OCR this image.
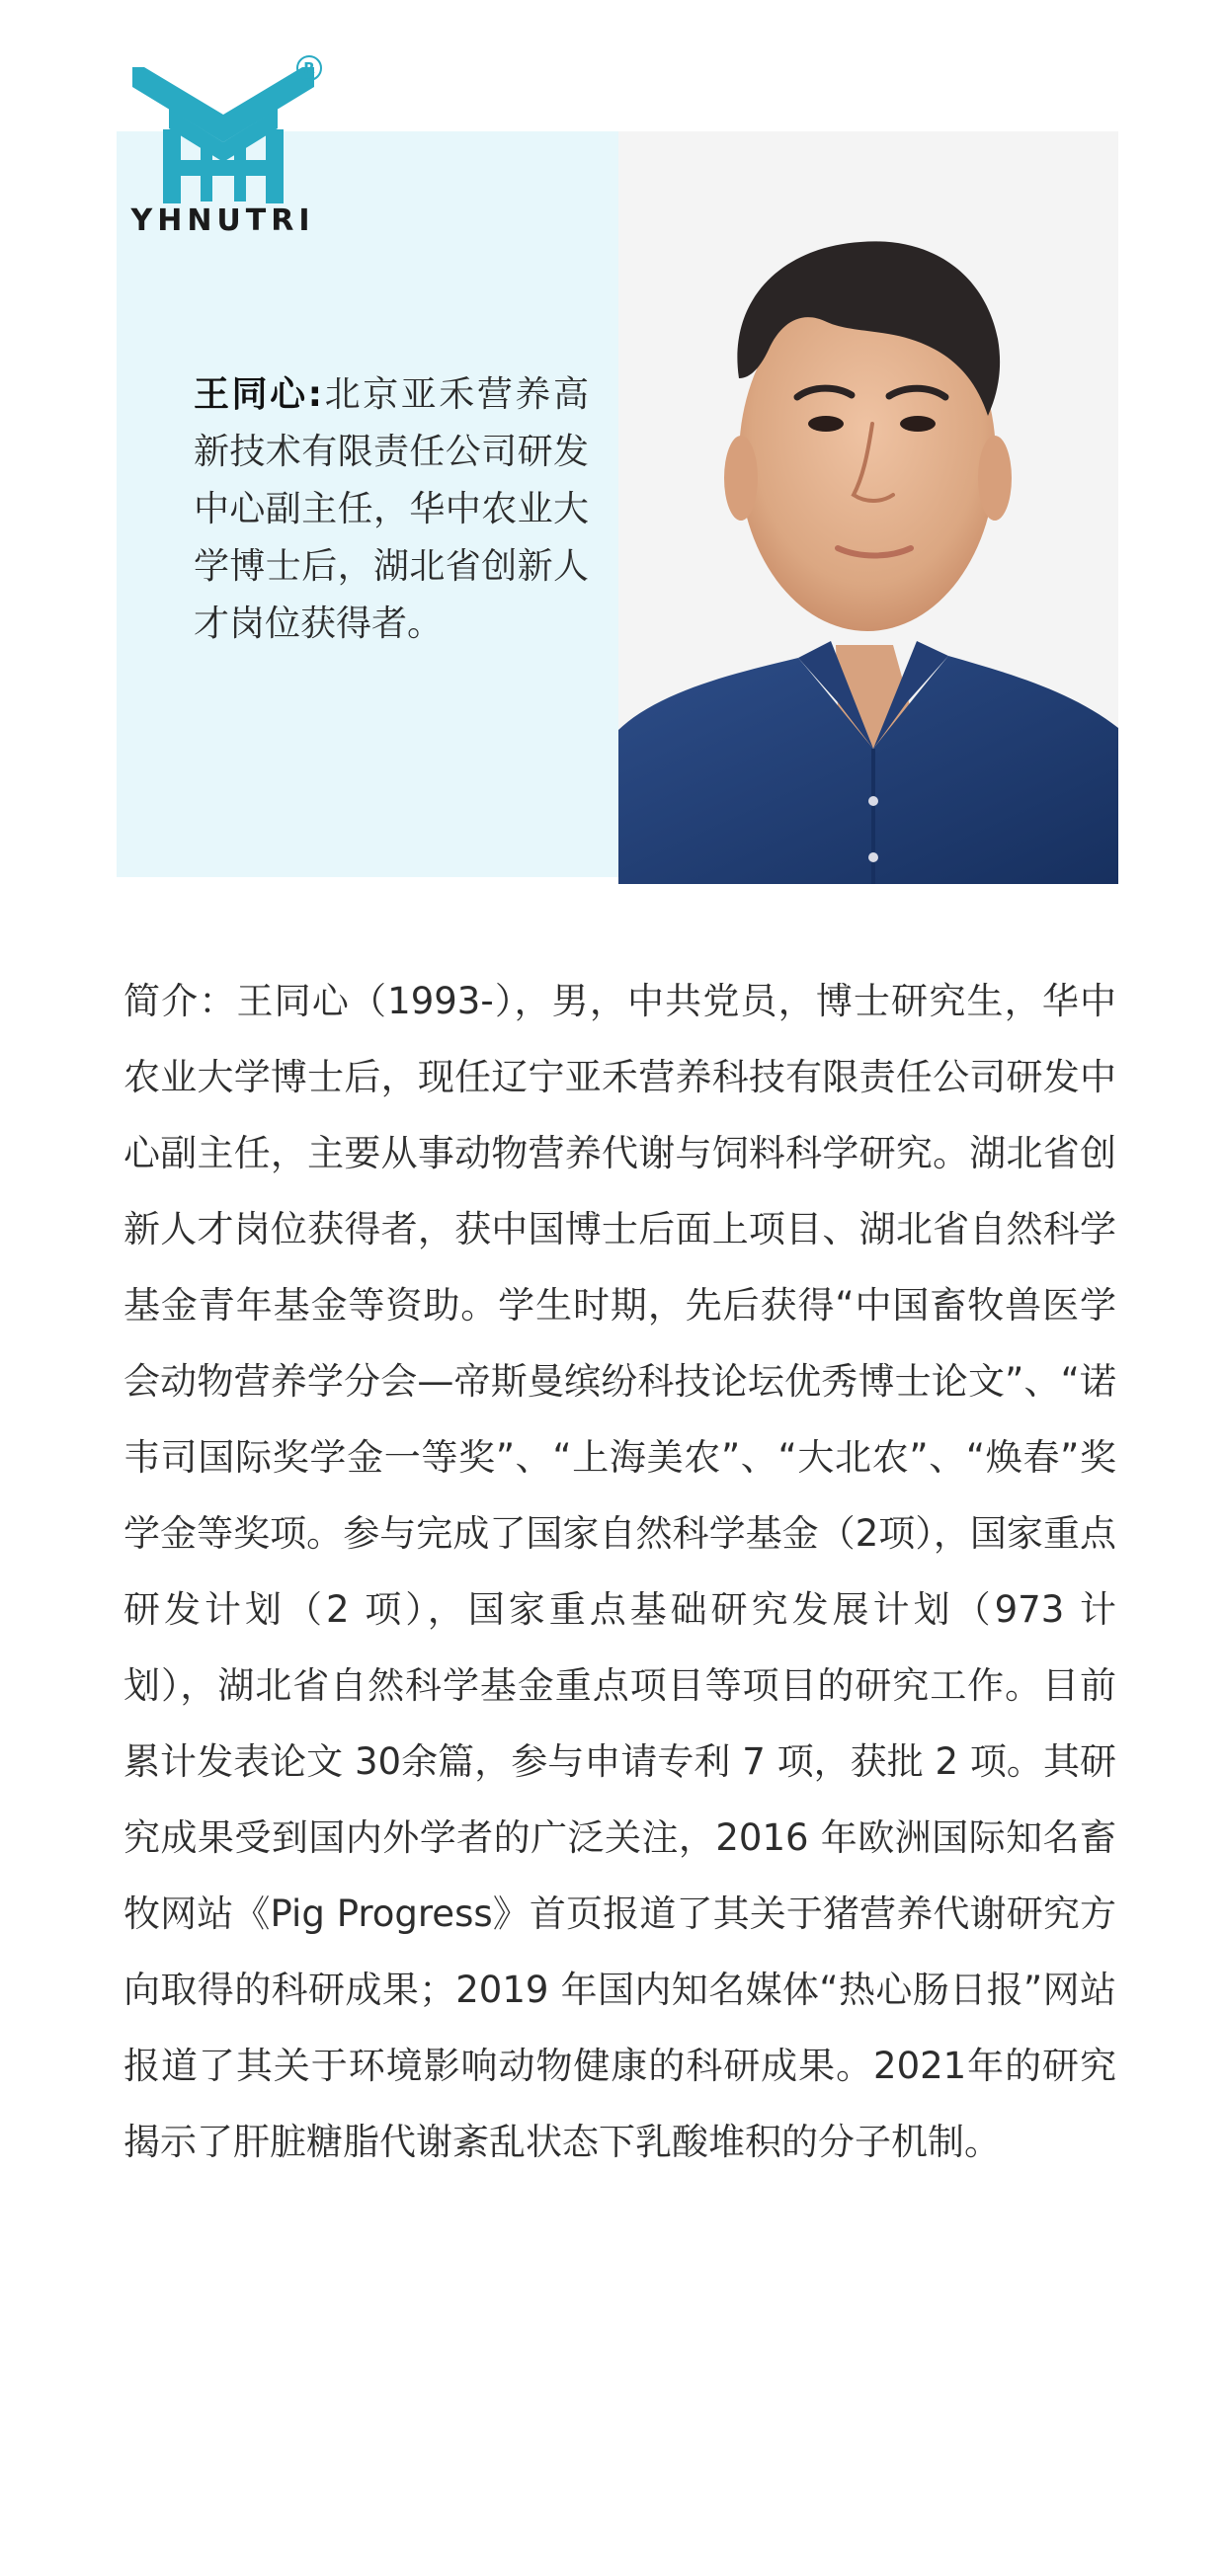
YHNUTRI
R
王同心:北京亚禾营养高新技术有限责任公司研发中心副主任，华中农业大学博士后，湖北省创新人才岗位获得者。
简介：王同心（1993-），男，中共党员，博士研究生，华中农业大学博士后，现任辽宁亚禾营养科技有限责任公司研发中心副主任，主要从事动物营养代谢与饲料科学研究。湖北省创新人才岗位获得者，获中国博士后面上项目、湖北省自然科学基金青年基金等资助。学生时期，先后获得“中国畜牧兽医学会动物营养学分会—帝斯曼缤纷科技论坛优秀博士论文”、“诺韦司国际奖学金一等奖”、“上海美农”、“大北农”、“焕春”奖学金等奖项。参与完成了国家自然科学基金（2项），国家重点研发计划（2 项），国家重点基础研究发展计划（973 计划），湖北省自然科学基金重点项目等项目的研究工作。目前累计发表论文 30余篇，参与申请专利 7 项，获批 2 项。其研究成果受到国内外学者的广泛关注，2016 年欧洲国际知名畜牧网站《Pig Progress》首页报道了其关于猪营养代谢研究方向取得的科研成果；2019 年国内知名媒体“热心肠日报”网站报道了其关于环境影响动物健康的科研成果。2021年的研究揭示了肝脏糖脂代谢紊乱状态下乳酸堆积的分子机制。
